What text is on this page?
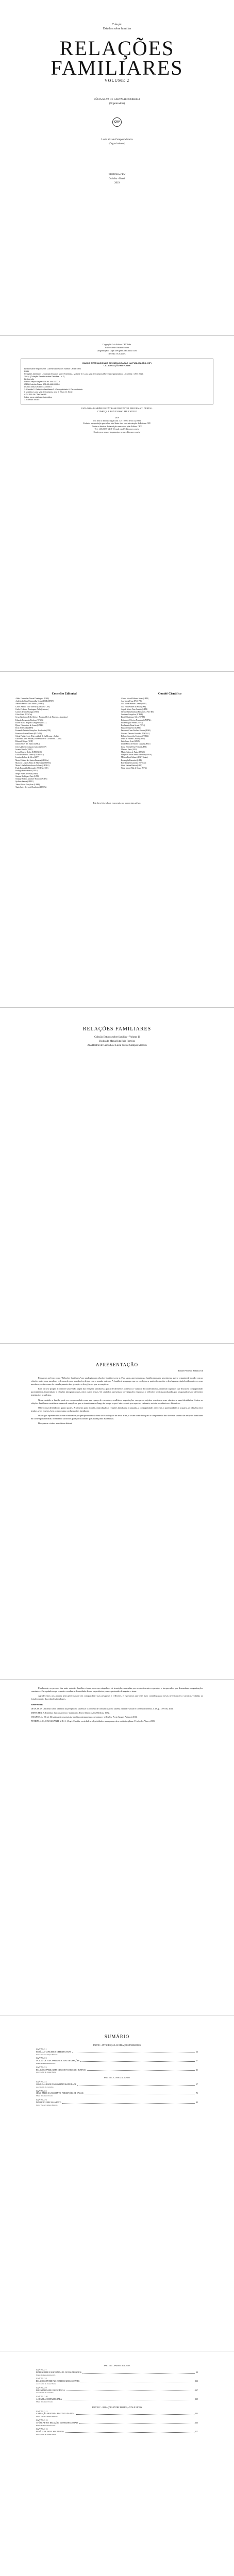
Coleção
Estudos sobre famílias
RELAÇÕES
FAMILIARES
VOLUME 2
LÚCIA SILVA DE CARVALHO MOREIRA
(Organizadora)
CRV
Lucia Vaz de Campos Moreira
(Organizadores)
EDITORA CRV
Curitiba - Brasil
2019
Copyright © da Editora CRV Ltda.
Editor-chefe: Railson Moura
Diagramação e Capa: Designers da Editora CRV
Revisão: Os Autores
DADOS INTERNACIONAIS DE CATALOGAÇÃO NA PUBLICAÇÃO (CIP)
CATALOGAÇÃO NA FONTE
Bibliotecária responsável: Luzenira Alves dos Santos CRB9/1506
R831
Relações familiares – Coleção Estudos sobre Famílias – Volume 2 / Lucia Vaz de Campos Moreira (organizadora) – Curitiba : CRV, 2019.
190 p. (Coleção Estudos sobre Famílias - v. 2)
Bibliografia
ISBN Coleção Digital 978-85-444-0000-0
ISBN Coleção Físico 978-85-444-0000-0
DOI 10.24824/978854443000.0
1. Família 2. Relações familiares 3. Conjugalidade 4. Parentalidade
I. Moreira, Lucia Vaz de Campos, org. II. Título III. Série
CDU 316.36 CDD 306.85
Índice para catálogo sistemático
1. Família 306.85
ESTA OBRA TAMBÉM ENCONTRA-SE DISPONÍVEL EM FORMATO DIGITAL.
CONHEÇA E BAIXE NOSSO APLICATIVO!
2019
Foi feito o depósito legal conf. Lei 10.994 de 14/12/2004
Proibida a reprodução parcial ou total desta obra sem autorização da Editora CRV
Todos os direitos desta edição reservados pela: Editora CRV
Tel.: (41) 3039-6418 - E-mail: sac@editoracrv.com.br
Conheça os nossos lançamentos: www.editoracrv.com.br
Conselho Editorial
Aldira Guimarães Duarte Domínguez (UNB)
Andréia da Silva Quintanilha Sousa (UNIR/UFRN)
Antônio Pereira Gaio Júnior (UFRRJ)
Carlos Alberto Vilar Estêvão (UMINHO – PT)
Carlos Federico Dominguez Avila (Unieuro)
Carmen Tereza Velanga (UNIR)
Celso Conti (UFSCar)
Cesar Gerónimo Tello (Univer .Nacional Três de Febrero – Argentina)
Eduardo Fernandes Barbosa (UFMG)
Elione Maria Nogueira Diogenes (UFAL)
Elizeu Clementino de Souza (UNEB)
Élsio José Corá (UFFS)
Fernando Antônio Gonçalves Alcoforado (IPB)
Francisco Carlos Duarte (PUC-PR)
Gloria Fariñas León (Universidade de La Havana – Cuba)
Guillermo Arias Beatón (Universidade de La Havana – Cuba)
Helmuth Krüger (UCP)
Jailson Alves dos Santos (UFRJ)
João Adalberto Campato Junior (UNESP)
Josania Portela (UFPI)
Leonel Severo Rocha (UNISINOS)
Lídia de Oliveira Xavier (UNIEURO)
Lourdes Helena da Silva (UFV)
Maria Cristina dos Santos Bezerra (UFSCar)
Maria de Lourdes Pinto de Almeida (UNOESC)
Maria Lília Imbiriba Sousa Colares (UFOPA)
Paulo Romualdo Hernandes (UNIFAL-MG)
Rodrigo Pratte-Santos (UFES)
Sérgio Nunes de Jesus (IFRO)
Simone Rodrigues Pinto (UNB)
Solange Helena Ximenes-Rocha (UFOPA)
Sydione Santos (UEPG)
Tadeu Oliver Gonçalves (UFPA)
Tania Suely Azevedo Brasileiro (UFOPA)
Comitê Científico
Alvaro Marcel Palomo Alves (UEM)
Ana Maria Eyng (PUC-PR)
Ana Maria Martins Gomes (UFU)
Ana Paula Soares da Silva (USP)
Angela Maria Pires Caniato (UEM)
Cleoni Maria Barboza Fernandes (PUC-RS)
Cristiane Gonçalves (ICESP)
Daniel Rodrigues Silva (UFRB)
Edilena de Oliveira Nogueira (UNIFAL)
Eliane Regina Pereira (UFU)
Estelamaris Brant Scarel (UFU)
Fauston Negreiros (UFPI)
Fernando Cesar Paulino-Pereira (IESB)
Giovana Teixeira Goutinho (UNIFAL)
Heliane Aparecida Cordeiro (FEMA)
Jeane de Fátima Canton (UFSJ)
Julio Cesar Grini (UFJF)
Leila Márcia de Barros Gurgel (UECE)
Lucia Helena Pena Pereira (UFSJ)
Marcelo Porto (UEG)
Marta Helena de Paula (UFGD)
Maryluze Souza Santos Oliveira (UFBA)
Mônica Boni Galazzi (UNIT-Santo)
Rosangela Fiorentini (UPF)
Rute Lima Nascimento (UFSCar)
Silvia Helena Batista (UFU)
Tânia Maria Filiú de Souza (UFG)
Este livro foi avaliado e aprovado por pareceristas ad hoc.
RELAÇÕES FAMILIARES
Coleção Estudos sobre famílias – Volume II
Dedicado Maria Rita Reis Ferreira
Ana Beatriz de Carvalho e Lucia Vaz de Campos Moreira
APRESENTAÇÃO
Elaine Pedreira Rabinovich

Pensamos no livro como “Relações familiares” por analogia com relações familiares em si. Para tanto, apresentamos a família enquanto um sistema que se organiza de acordo com as relações entre seus membros e de acordo com as relações destes com o mundo externo. A família é um grupo que se configura a partir dos modos e dos lugares estabelecidos entre os seus membros, assim como do entrelaçamento das gerações e dos gêneros que a compõem.

Esta obra se propõe a oferecer uma visão ampla das relações familiares a partir de diferentes contextos e campos do conhecimento, reunindo capítulos que discutem conjugalidade, parentalidade, fraternidade e relações intergeracionais, entre outros temas. Os capítulos apresentam investigações empíricas e reflexões teóricas produzidas por pesquisadores de diferentes instituições brasileiras.

Nesse sentido, a família pode ser compreendida como um espaço de encontros, conflitos e negociações em que os sujeitos constroem seus vínculos e suas identidades. Assim, as relações familiares constituem uma rede complexa, que se transforma ao longo do tempo e que é atravessada por aspectos culturais, sociais, econômicos e históricos.

O livro está dividido em quatro partes. A primeira parte aborda a introdução às relações familiares; a segunda, a conjugalidade; a terceira, a parentalidade; e a quarta, as relações entre irmãos, avós e netos, bem como outras configurações familiares.

Os artigos apresentados foram elaborados por pesquisadores da área da Psicologia e de áreas afins, e visam contribuir para a compreensão das diversas facetas das relações familiares na contemporaneidade, oferecendo subsídios para profissionais que atuam junto às famílias.

Desejamos a todos uma ótima leitura!

Finalmente, as pessoas das mais variadas famílias vivem processos singulares de transição, marcadas por acontecimentos esperados e inesperados, que demandam reorganizações constantes. Os capítulos aqui reunidos revelam a diversidade dessas experiências, sem a pretensão de esgotar o tema.

Agradecemos aos autores pela generosidade em compartilhar suas pesquisas e reflexões, e esperamos que este livro contribua para novas investigações e práticas voltadas ao fortalecimento das relações familiares.

Referências

DIAS, M. O. Um olhar sobre a família na perspectiva sistémica: o processo de comunicação no sistema familiar. Gestão e Desenvolvimento, v. 19, p. 139-156, 2011.

MINUCHIN, S. Famílias: funcionamento e tratamento. Porto Alegre: Artes Médicas, 1982.

WAGNER, A. (Org.). Desafios psicossociais da família contemporânea: pesquisas e reflexões. Porto Alegre: Artmed, 2011.

PETRINI, J. C.; CAVALCANTI, V. R. S. (Org.). Família, sociedade e subjetividades: uma perspectiva multidisciplinar. Petrópolis: Vozes, 2005.

SUMÁRIO
PARTE I – INTRODUÇÃO ÀS RELAÇÕES FAMILIARES
CAPÍTULO 1
FAMÍLIAS: CONCEITOS E PERSPECTIVAS	13
Lucia Vaz de Campos Moreira
CAPÍTULO 2
O CICLO DE VIDA FAMILIAR E SUAS TRANSIÇÕES	27
Elaine Pedreira Rabinovich
CAPÍTULO 3
RELAÇÕES FAMILIARES E DESENVOLVIMENTO HUMANO	41
Ana Cecília de Sousa Bastos
PARTE II – CONJUGALIDADE
CAPÍTULO 4
CONJUGALIDADE NA CONTEMPORANEIDADE	57
Ana Beatriz de Carvalho
CAPÍTULO 5
SEXO, AMOR E CASAMENTO: PERCEPÇÕES DE CASAIS	71
Maria Rita Reis Ferreira
CAPÍTULO 6
DIVÓRCIO E RECASAMENTO	85
Lucia Vaz de Campos Moreira
PARTE III – PARENTALIDADE
CAPÍTULO 7
PATERNIDADE E MATERNIDADE: NOVOS ARRANJOS	99
Elaine Pedreira Rabinovich
CAPÍTULO 8
RELAÇÕES ENTRE PAIS E FILHOS ADOLESCENTES	113
Ana Cecília de Sousa Bastos
CAPÍTULO 9
PARENTALIDADE E DEFICIÊNCIA	127
Ana Beatriz de Carvalho
CAPÍTULO 10
A GUARDA COMPARTILHADA	139
Maria Rita Reis Ferreira
PARTE IV – RELAÇÕES ENTRE IRMÃOS, AVÓS E NETOS
CAPÍTULO 11
A RELAÇÃO FRATERNA AO LONGO DA VIDA	151
Lucia Vaz de Campos Moreira
CAPÍTULO 12
AVÓS E NETOS: RELAÇÕES INTERGERACIONAIS	165
Elaine Pedreira Rabinovich
CAPÍTULO 13
FAMÍLIAS E ENVELHECIMENTO	177
Ana Cecília de Sousa Bastos
